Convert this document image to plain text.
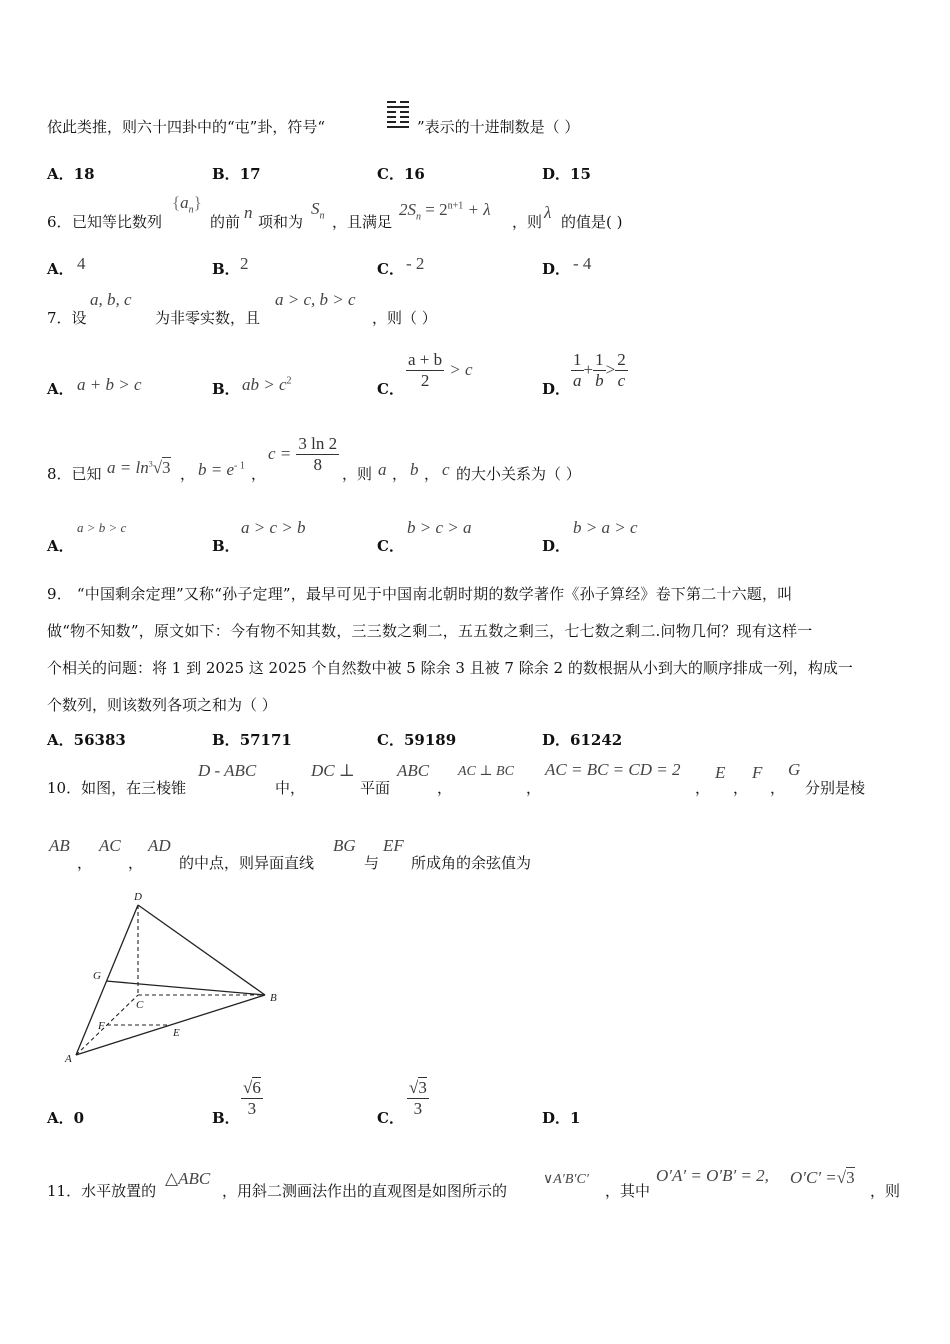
依此类推，则六十四卦中的“屯”卦，符号“	”表示的十进制数是（ ）
A．18	B．17	C．16	D．15
6． 已知等比数列
$\{a_n\}$
的前 n 项和为
$S_n$ ，且满足
$2S_n = 2^{n+1} + \lambda$
，则 λ 的值是( )
A． 4	B． 2	C． - 2	D． - 4
7．设
a, b, c
为非零实数，且
a > c, b > c
，则（ ）
A． a + b > c	B． ab > $c^2$	C． $\frac{a + b}{2} > c$
D． $\frac{1}{a} + \frac{1}{b} > \frac{2}{c}$
8．已知 $a = \ln^3√3$ ， $b = e^{- 1}$ ，
$c = \frac{3 \ln 2}{8}$ ，则 a ， b ， c 的大小关系为（ ）
A．
a > b > c
B．
a > c > b
C．
b > c > a
D．
b > a > c
9． “中国剩余定理”又称“孙子定理”，最早可见于中国南北朝时期的数学著作《孙子算经》卷下第二十六题，叫
做“物不知数”，原文如下：今有物不知其数，三三数之剩二，五五数之剩三，七七数之剩二.问物几何？现有这样一
个相关的问题：将 1 到 2025 这 2025 个自然数中被 5 除余 3 且被 7 除余 2 的数根据从小到大的顺序排成一列，构成一
个数列，则该数列各项之和为（ ）
A．56383	B．57171	C．59189	D．61242
10．如图，在三棱锥
D - ABC
中，
DC ⊥
平面
ABC
，
AC ⊥ BC
，
AC = BC = CD = 2
，
E
，
F
，
G
分别是棱
AB
，
AC
，
AD
的中点，则异面直线
BG
与
EF
所成角的余弦值为
D
G
C
B
F
E
A
A．0	B． $\frac{√6}{3}$	C． $\frac{√3}{3}$	D．1
11．水平放置的
△ABC
，用斜二测画法作出的直观图是如图所示的
∨A′B′C′
，其中
O′A′ = O′B′ = 2, O′C′ =√3
，则
